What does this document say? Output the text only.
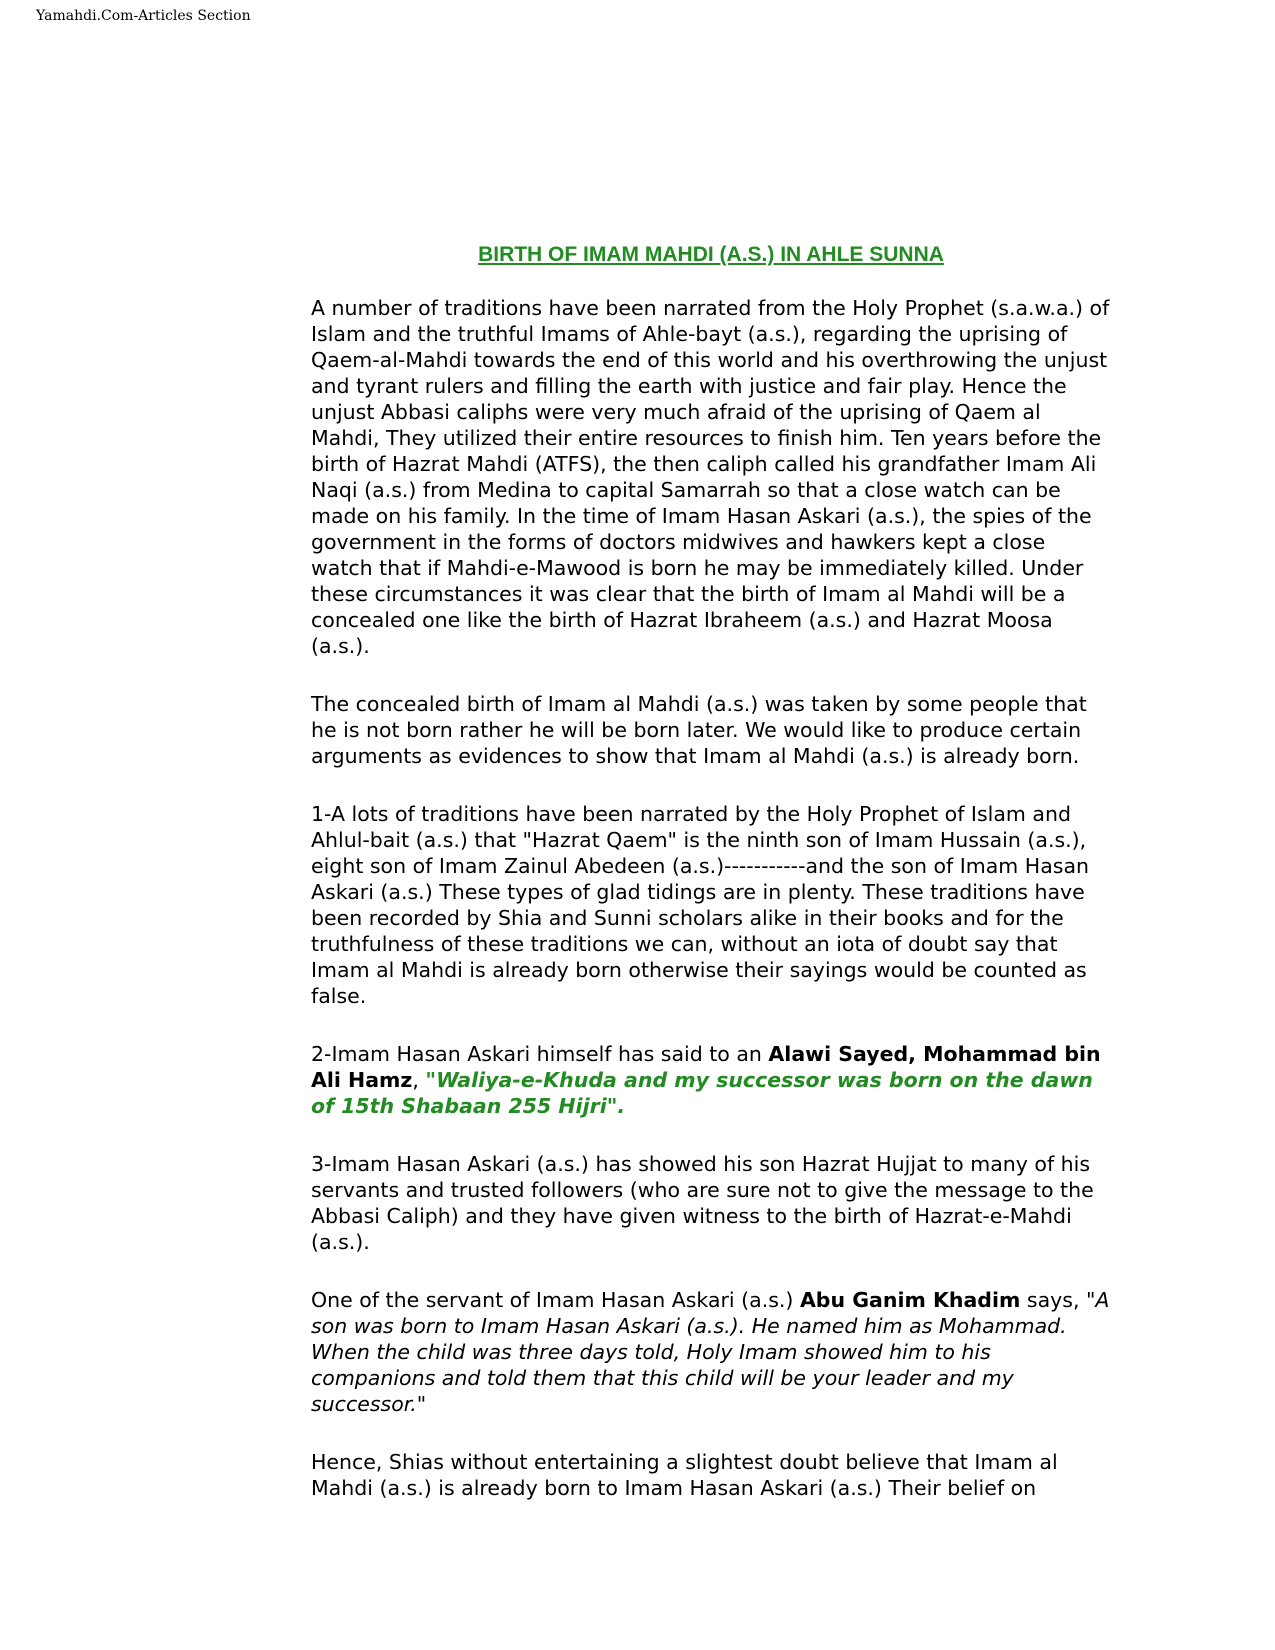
Yamahdi.Com-Articles Section
BIRTH OF IMAM MAHDI (A.S.) IN AHLE SUNNA

A number of traditions have been narrated from the Holy Prophet (s.a.w.a.) of Islam and the truthful Imams of Ahle-bayt (a.s.), regarding the uprising of Qaem-al-Mahdi towards the end of this world and his overthrowing the unjust and tyrant rulers and filling the earth with justice and fair play. Hence the unjust Abbasi caliphs were very much afraid of the uprising of Qaem al Mahdi, They utilized their entire resources to finish him. Ten years before the birth of Hazrat Mahdi (ATFS), the then caliph called his grandfather Imam Ali Naqi (a.s.) from Medina to capital Samarrah so that a close watch can be made on his family. In the time of Imam Hasan Askari (a.s.), the spies of the government in the forms of doctors midwives and hawkers kept a close watch that if Mahdi-e-Mawood is born he may be immediately killed. Under these circumstances it was clear that the birth of Imam al Mahdi will be a concealed one like the birth of Hazrat Ibraheem (a.s.) and Hazrat Moosa (a.s.).

The concealed birth of Imam al Mahdi (a.s.) was taken by some people that he is not born rather he will be born later. We would like to produce certain arguments as evidences to show that Imam al Mahdi (a.s.) is already born.

1-A lots of traditions have been narrated by the Holy Prophet of Islam and Ahlul-bait (a.s.) that "Hazrat Qaem" is the ninth son of Imam Hussain (a.s.), eight son of Imam Zainul Abedeen (a.s.)-----------and the son of Imam Hasan Askari (a.s.) These types of glad tidings are in plenty. These traditions have been recorded by Shia and Sunni scholars alike in their books and for the truthfulness of these traditions we can, without an iota of doubt say that Imam al Mahdi is already born otherwise their sayings would be counted as false.

2-Imam Hasan Askari himself has said to an Alawi Sayed, Mohammad bin Ali Hamz, "Waliya-e-Khuda and my successor was born on the dawn of 15th Shabaan 255 Hijri".

3-Imam Hasan Askari (a.s.) has showed his son Hazrat Hujjat to many of his servants and trusted followers (who are sure not to give the message to the Abbasi Caliph) and they have given witness to the birth of Hazrat-e-Mahdi (a.s.).

One of the servant of Imam Hasan Askari (a.s.) Abu Ganim Khadim says, "A son was born to Imam Hasan Askari (a.s.). He named him as Mohammad. When the child was three days told, Holy Imam showed him to his companions and told them that this child will be your leader and my successor."

Hence, Shias without entertaining a slightest doubt believe that Imam al Mahdi (a.s.) is already born to Imam Hasan Askari (a.s.) Their belief on
